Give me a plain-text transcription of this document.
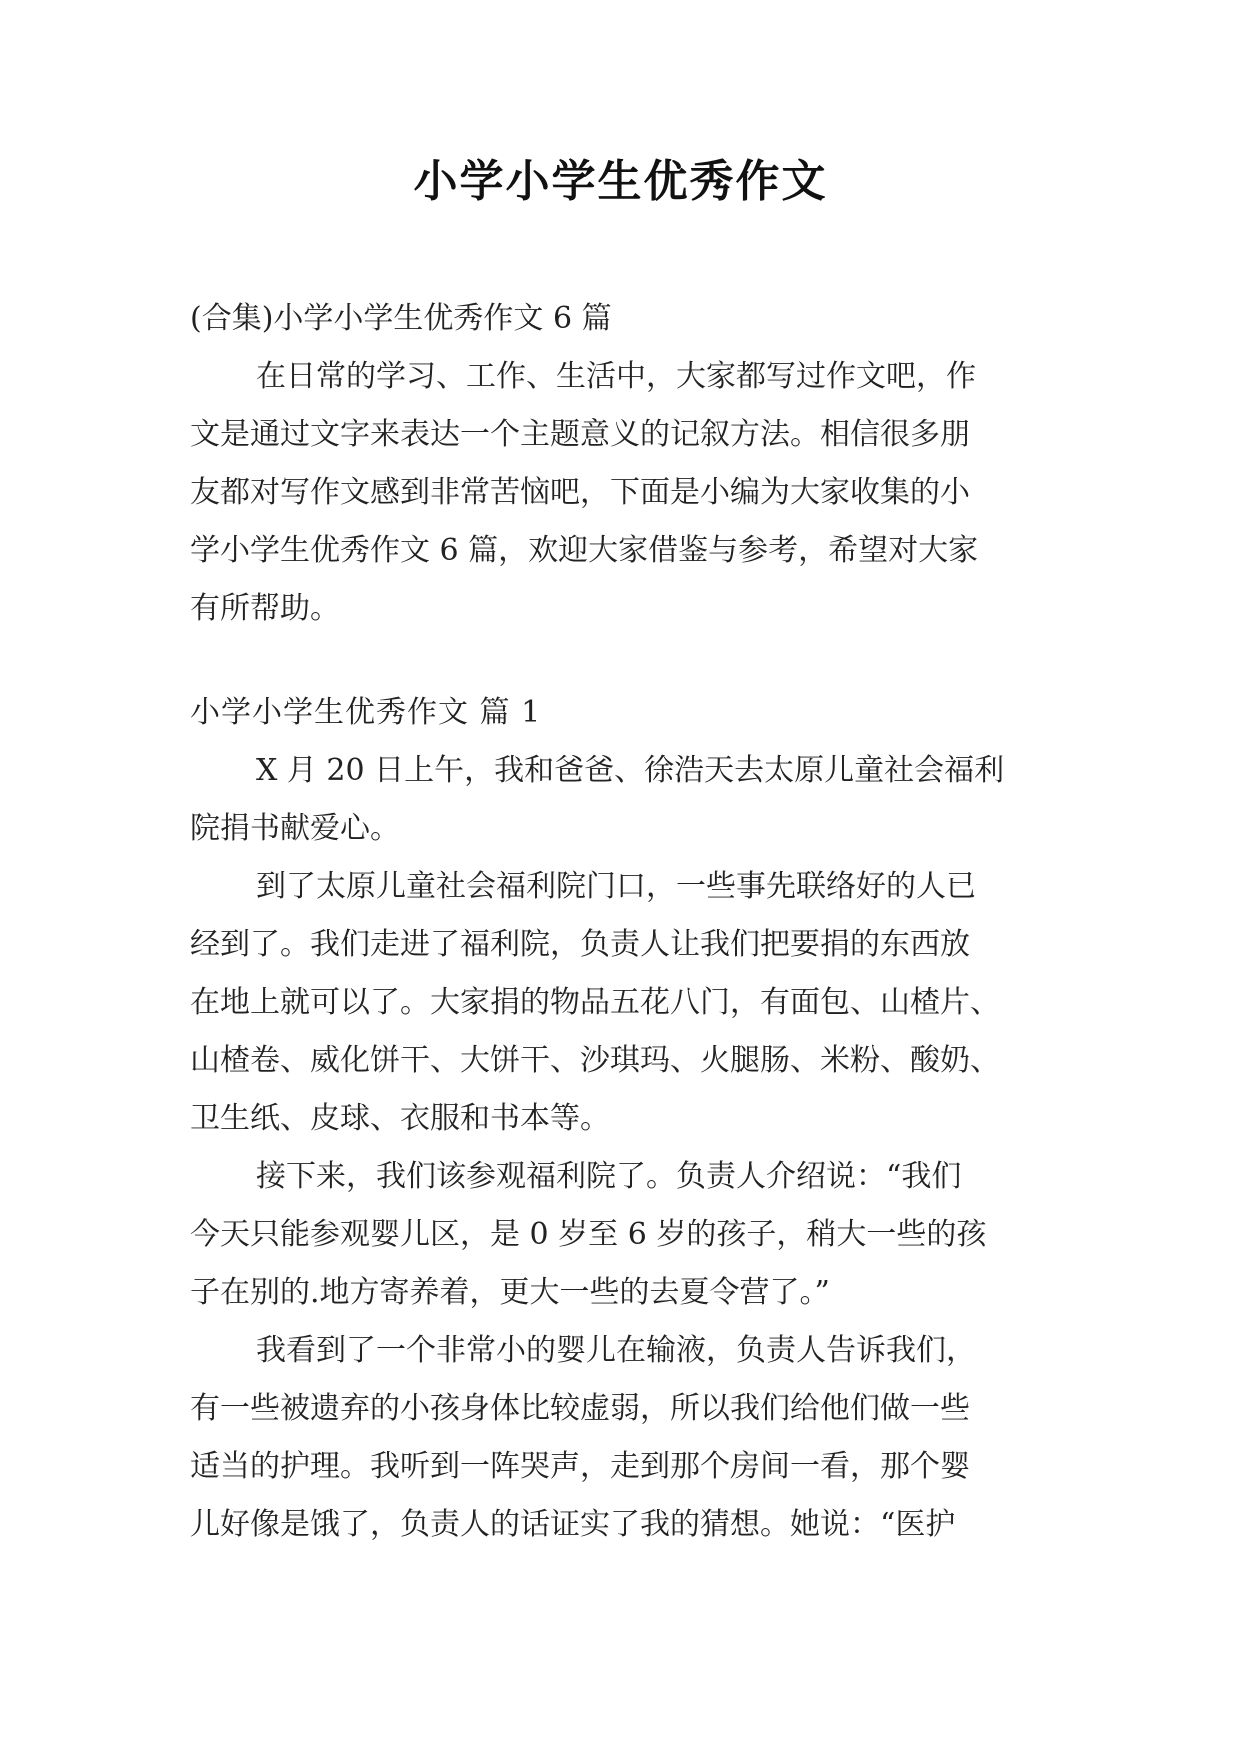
小学小学生优秀作文

(合集)小学小学生优秀作文 6 篇

在日常的学习、工作、生活中，大家都写过作文吧，作

文是通过文字来表达一个主题意义的记叙方法。相信很多朋

友都对写作文感到非常苦恼吧，下面是小编为大家收集的小

学小学生优秀作文 6 篇，欢迎大家借鉴与参考，希望对大家

有所帮助。

小学小学生优秀作文 篇 1

X 月 20 日上午，我和爸爸、徐浩天去太原儿童社会福利

院捐书献爱心。

到了太原儿童社会福利院门口，一些事先联络好的人已

经到了。我们走进了福利院，负责人让我们把要捐的东西放

在地上就可以了。大家捐的物品五花八门，有面包、山楂片、

山楂卷、威化饼干、大饼干、沙琪玛、火腿肠、米粉、酸奶、

卫生纸、皮球、衣服和书本等。

接下来，我们该参观福利院了。负责人介绍说：“我们

今天只能参观婴儿区，是 0 岁至 6 岁的孩子，稍大一些的孩

子在别的.地方寄养着，更大一些的去夏令营了。”

我看到了一个非常小的婴儿在输液，负责人告诉我们，

有一些被遗弃的小孩身体比较虚弱，所以我们给他们做一些

适当的护理。我听到一阵哭声，走到那个房间一看，那个婴

儿好像是饿了，负责人的话证实了我的猜想。她说：“医护
